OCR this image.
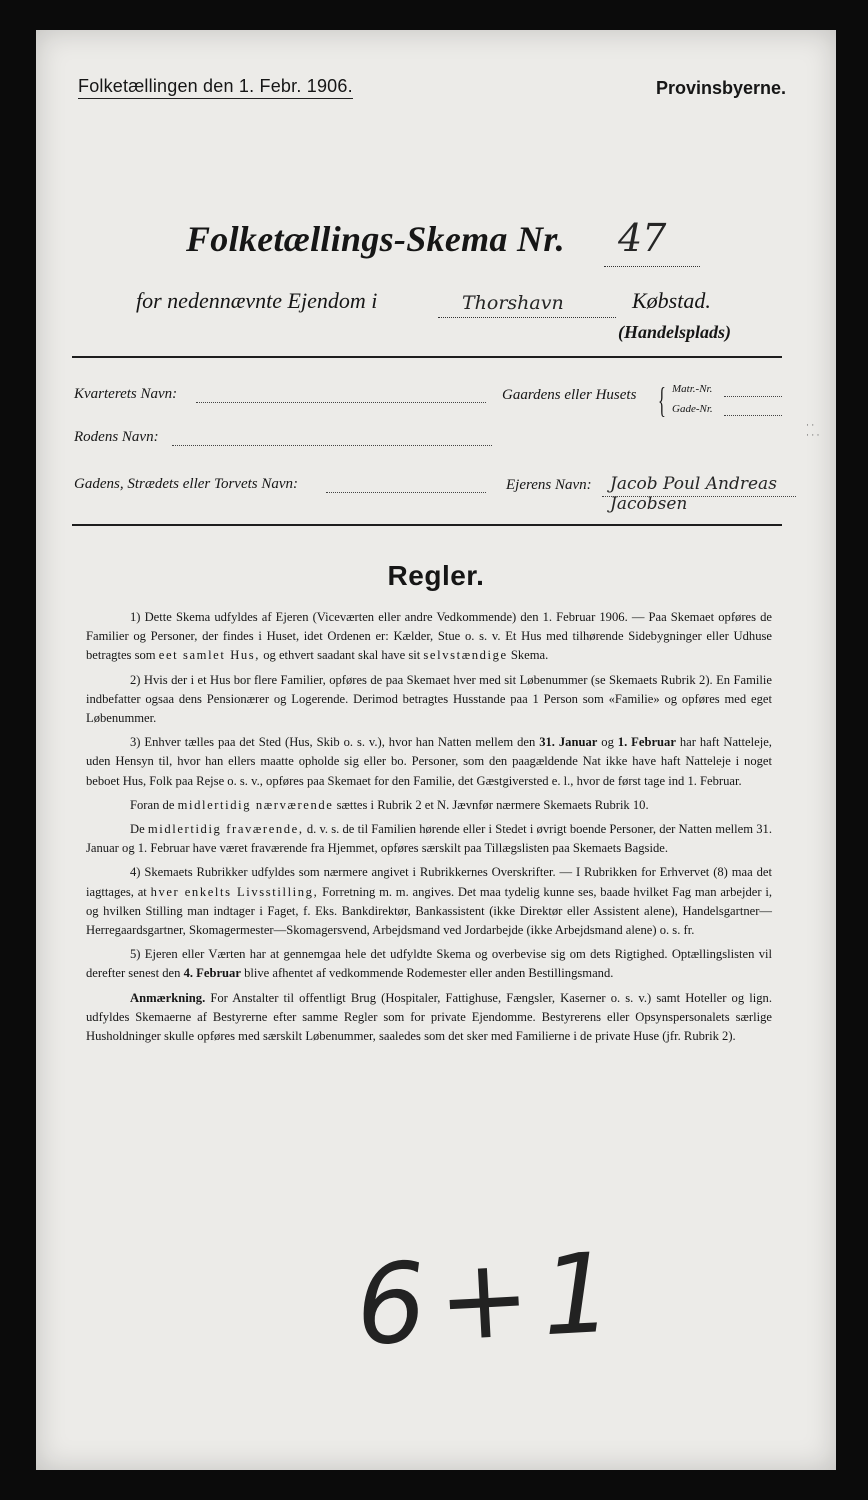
Folketællingen den 1. Febr. 1906.	Provinsbyerne.
Folketællings-Skema Nr. 47
for nedennævnte Ejendom i	Thorshavn	Købstad.
(Handelsplads)
Kvarterets Navn:	Gaardens eller Husets { Matr.-Nr.
Gade-Nr.
Rodens Navn:
Gadens, Strædets eller Torvets Navn:	Ejerens Navn: Jacob Poul Andreas Jacobsen
· ·
· · ·
Regler.

1) Dette Skema udfyldes af Ejeren (Viceværten eller andre Vedkommende) den 1. Februar 1906. — Paa Skemaet opføres de Familier og Personer, der findes i Huset, idet Ordenen er: Kælder, Stue o. s. v. Et Hus med tilhørende Sidebygninger eller Udhuse betragtes som eet samlet Hus, og ethvert saadant skal have sit selvstændige Skema.

2) Hvis der i et Hus bor flere Familier, opføres de paa Skemaet hver med sit Løbenummer (se Skemaets Rubrik 2). En Familie indbefatter ogsaa dens Pensionærer og Logerende. Derimod betragtes Husstande paa 1 Person som «Familie» og opføres med eget Løbenummer.

3) Enhver tælles paa det Sted (Hus, Skib o. s. v.), hvor han Natten mellem den 31. Januar og 1. Februar har haft Natteleje, uden Hensyn til, hvor han ellers maatte opholde sig eller bo. Personer, som den paagældende Nat ikke have haft Natteleje i noget beboet Hus, Folk paa Rejse o. s. v., opføres paa Skemaet for den Familie, det Gæstgiversted e. l., hvor de først tage ind 1. Februar.

Foran de midlertidig nærværende sættes i Rubrik 2 et N. Jævnfør nærmere Skemaets Rubrik 10.

De midlertidig fraværende, d. v. s. de til Familien hørende eller i Stedet i øvrigt boende Personer, der Natten mellem 31. Januar og 1. Februar have været fraværende fra Hjemmet, opføres særskilt paa Tillægslisten paa Skemaets Bagside.

4) Skemaets Rubrikker udfyldes som nærmere angivet i Rubrikkernes Overskrifter. — I Rubrikken for Erhvervet (8) maa det iagttages, at hver enkelts Livsstilling, Forretning m. m. angives. Det maa tydelig kunne ses, baade hvilket Fag man arbejder i, og hvilken Stilling man indtager i Faget, f. Eks. Bankdirektør, Bankassistent (ikke Direktør eller Assistent alene), Handelsgartner—Herregaardsgartner, Skomagermester—Skomagersvend, Arbejdsmand ved Jordarbejde (ikke Arbejdsmand alene) o. s. fr.

5) Ejeren eller Værten har at gennemgaa hele det udfyldte Skema og overbevise sig om dets Rigtighed. Optællingslisten vil derefter senest den 4. Februar blive afhentet af vedkommende Rodemester eller anden Bestillingsmand.

Anmærkning. For Anstalter til offentligt Brug (Hospitaler, Fattighuse, Fængsler, Kaserner o. s. v.) samt Hoteller og lign. udfyldes Skemaerne af Bestyrerne efter samme Regler som for private Ejendomme. Bestyrerens eller Opsynspersonalets særlige Husholdninger skulle opføres med særskilt Løbenummer, saaledes som det sker med Familierne i de private Huse (jfr. Rubrik 2).

6+1
